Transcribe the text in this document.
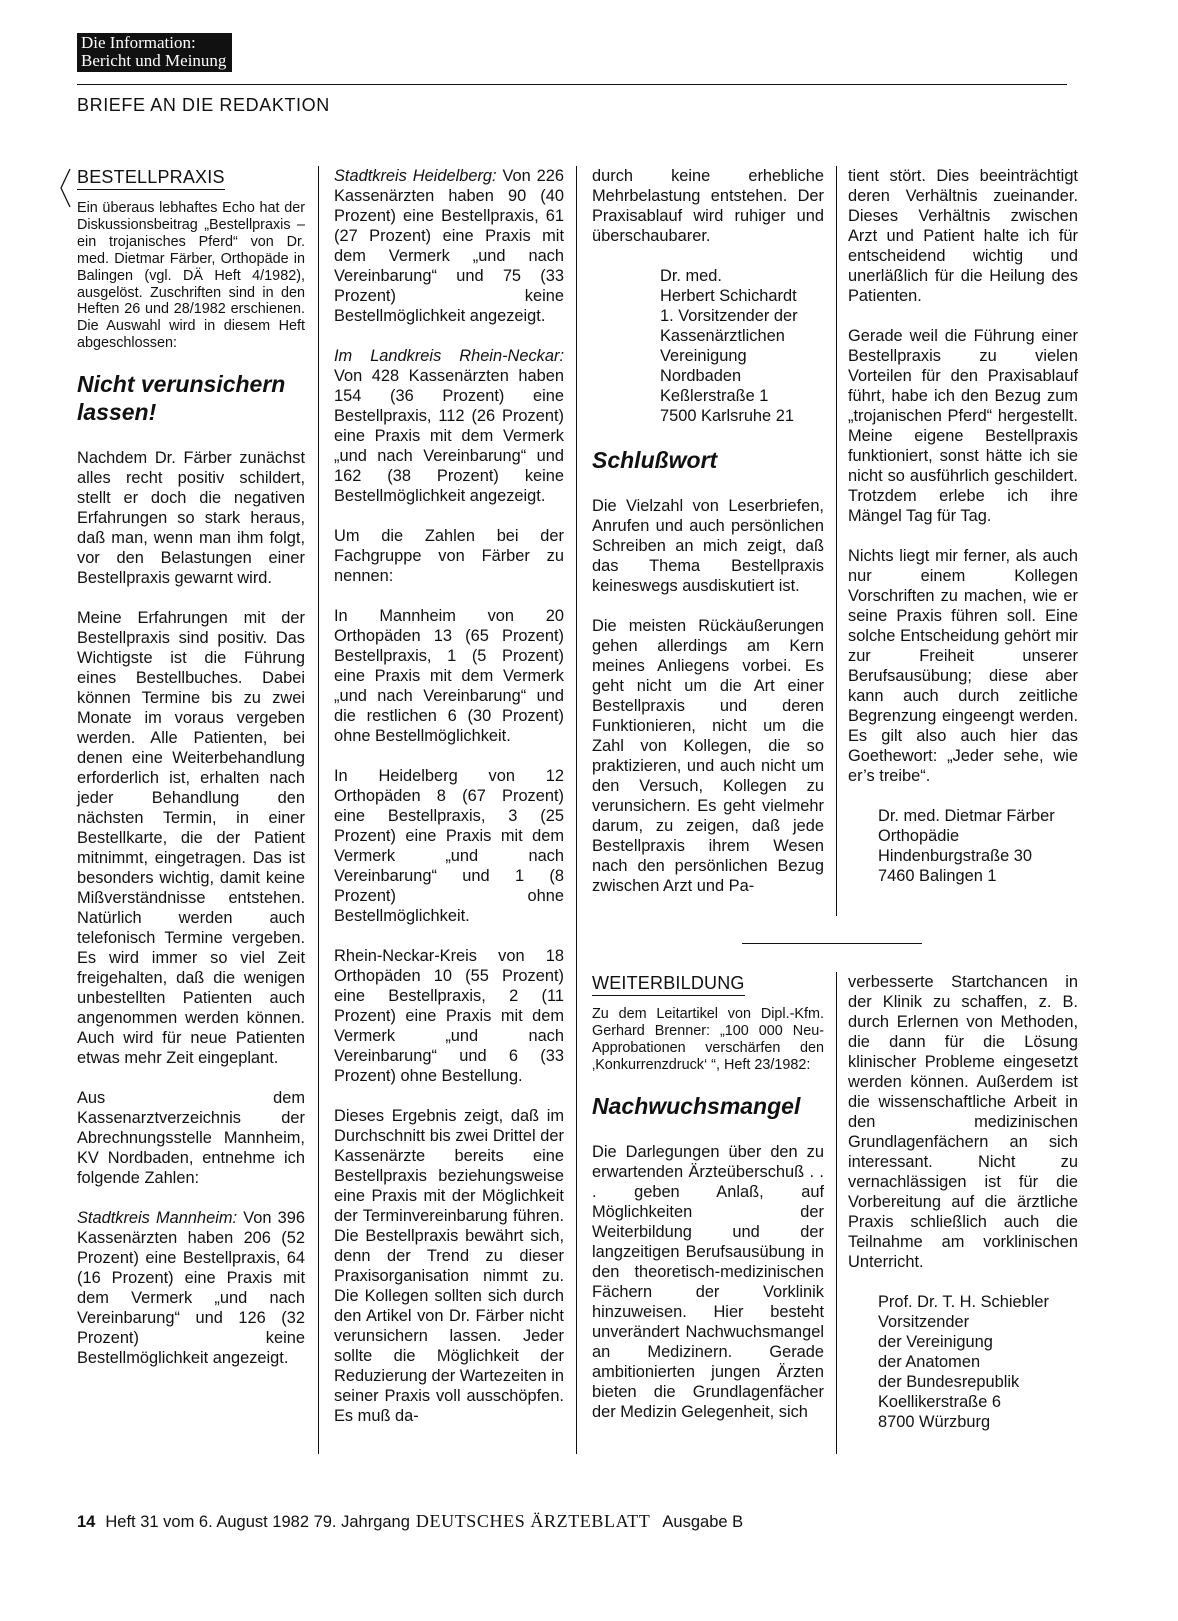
Die Information:
Bericht und Meinung
BRIEFE AN DIE REDAKTION
BESTELLPRAXIS

Ein überaus lebhaftes Echo hat der Diskussionsbeitrag „Bestellpraxis – ein trojanisches Pferd“ von Dr. med. Dietmar Färber, Orthopäde in Balingen (vgl. DÄ Heft 4/1982), ausgelöst. Zuschriften sind in den Heften 26 und 28/1982 erschienen. Die Auswahl wird in diesem Heft abgeschlossen:

Nicht verunsichern lassen!

Nachdem Dr. Färber zunächst alles recht positiv schildert, stellt er doch die negativen Erfahrungen so stark heraus, daß man, wenn man ihm folgt, vor den Belastungen einer Bestellpraxis gewarnt wird.

Meine Erfahrungen mit der Bestellpraxis sind positiv. Das Wichtigste ist die Führung eines Bestellbuches. Dabei können Termine bis zu zwei Monate im voraus vergeben werden. Alle Patienten, bei denen eine Weiterbehandlung erforderlich ist, erhalten nach jeder Behandlung den nächsten Termin, in einer Bestellkarte, die der Patient mitnimmt, eingetragen. Das ist besonders wichtig, damit keine Mißverständnisse entstehen. Natürlich werden auch telefonisch Termine vergeben. Es wird immer so viel Zeit freigehalten, daß die wenigen unbestellten Patienten auch angenommen werden können. Auch wird für neue Patienten etwas mehr Zeit eingeplant.

Aus dem Kassenarztverzeichnis der Abrechnungsstelle Mannheim, KV Nordbaden, entnehme ich folgende Zahlen:

Stadtkreis Mannheim: Von 396 Kassenärzten haben 206 (52 Prozent) eine Bestellpraxis, 64 (16 Prozent) eine Praxis mit dem Vermerk „und nach Vereinbarung“ und 126 (32 Prozent) keine Bestellmöglichkeit angezeigt.

Stadtkreis Heidelberg: Von 226 Kassenärzten haben 90 (40 Prozent) eine Bestellpraxis, 61 (27 Prozent) eine Praxis mit dem Vermerk „und nach Vereinbarung“ und 75 (33 Prozent) keine Bestellmöglichkeit angezeigt.

Im Landkreis Rhein-Neckar: Von 428 Kassenärzten haben 154 (36 Prozent) eine Bestellpraxis, 112 (26 Prozent) eine Praxis mit dem Vermerk „und nach Vereinbarung“ und 162 (38 Prozent) keine Bestellmöglichkeit angezeigt.

Um die Zahlen bei der Fachgruppe von Färber zu nennen:

In Mannheim von 20 Orthopäden 13 (65 Prozent) Bestellpraxis, 1 (5 Prozent) eine Praxis mit dem Vermerk „und nach Vereinbarung“ und die restlichen 6 (30 Prozent) ohne Bestellmöglichkeit.

In Heidelberg von 12 Orthopäden 8 (67 Prozent) eine Bestellpraxis, 3 (25 Prozent) eine Praxis mit dem Vermerk „und nach Vereinbarung“ und 1 (8 Prozent) ohne Bestellmöglichkeit.

Rhein-Neckar-Kreis von 18 Orthopäden 10 (55 Prozent) eine Bestellpraxis, 2 (11 Prozent) eine Praxis mit dem Vermerk „und nach Vereinbarung“ und 6 (33 Prozent) ohne Bestellung.

Dieses Ergebnis zeigt, daß im Durchschnitt bis zwei Drittel der Kassenärzte bereits eine Bestellpraxis beziehungsweise eine Praxis mit der Möglichkeit der Terminvereinbarung führen. Die Bestellpraxis bewährt sich, denn der Trend zu dieser Praxisorganisation nimmt zu. Die Kollegen sollten sich durch den Artikel von Dr. Färber nicht verunsichern lassen. Jeder sollte die Möglichkeit der Reduzierung der Wartezeiten in seiner Praxis voll ausschöpfen. Es muß da-

durch keine erhebliche Mehrbelastung entstehen. Der Praxisablauf wird ruhiger und überschaubarer.

Dr. med.
Herbert Schichardt
1. Vorsitzender der
Kassenärztlichen
Vereinigung
Nordbaden
Keßlerstraße 1
7500 Karlsruhe 21

Schlußwort

Die Vielzahl von Leserbriefen, Anrufen und auch persönlichen Schreiben an mich zeigt, daß das Thema Bestellpraxis keineswegs ausdiskutiert ist.

Die meisten Rückäußerungen gehen allerdings am Kern meines Anliegens vorbei. Es geht nicht um die Art einer Bestellpraxis und deren Funktionieren, nicht um die Zahl von Kollegen, die so praktizieren, und auch nicht um den Versuch, Kollegen zu verunsichern. Es geht vielmehr darum, zu zeigen, daß jede Bestellpraxis ihrem Wesen nach den persönlichen Bezug zwischen Arzt und Pa-

tient stört. Dies beeinträchtigt deren Verhältnis zueinander. Dieses Verhältnis zwischen Arzt und Patient halte ich für entscheidend wichtig und unerläßlich für die Heilung des Patienten.

Gerade weil die Führung einer Bestellpraxis zu vielen Vorteilen für den Praxisablauf führt, habe ich den Bezug zum „trojanischen Pferd“ hergestellt. Meine eigene Bestellpraxis funktioniert, sonst hätte ich sie nicht so ausführlich geschildert. Trotzdem erlebe ich ihre Mängel Tag für Tag.

Nichts liegt mir ferner, als auch nur einem Kollegen Vorschriften zu machen, wie er seine Praxis führen soll. Eine solche Entscheidung gehört mir zur Freiheit unserer Berufsausübung; diese aber kann auch durch zeitliche Begrenzung eingeengt werden. Es gilt also auch hier das Goethewort: „Jeder sehe, wie er’s treibe“.

Dr. med. Dietmar Färber
Orthopädie
Hindenburgstraße 30
7460 Balingen 1

WEITERBILDUNG

Zu dem Leitartikel von Dipl.-Kfm. Gerhard Brenner: „100 000 Neu-Approbationen verschärfen den ‚Konkurrenzdruck‘ “, Heft 23/1982:

Nachwuchsmangel

Die Darlegungen über den zu erwartenden Ärzteüberschuß . . . geben Anlaß, auf Möglichkeiten der Weiterbildung und der langzeitigen Berufsausübung in den theoretisch-medizinischen Fächern der Vorklinik hinzuweisen. Hier besteht unverändert Nachwuchsmangel an Medizinern. Gerade ambitionierten jungen Ärzten bieten die Grundlagenfächer der Medizin Gelegenheit, sich

verbesserte Startchancen in der Klinik zu schaffen, z. B. durch Erlernen von Methoden, die dann für die Lösung klinischer Probleme eingesetzt werden können. Außerdem ist die wissenschaftliche Arbeit in den medizinischen Grundlagenfächern an sich interessant. Nicht zu vernachlässigen ist für die Vorbereitung auf die ärztliche Praxis schließlich auch die Teilnahme am vorklinischen Unterricht.

Prof. Dr. T. H. Schiebler
Vorsitzender
der Vereinigung
der Anatomen
der Bundesrepublik
Koellikerstraße 6
8700 Würzburg

14 Heft 31 vom 6. August 1982 79. Jahrgang DEUTSCHES ÄRZTEBLATT Ausgabe B
